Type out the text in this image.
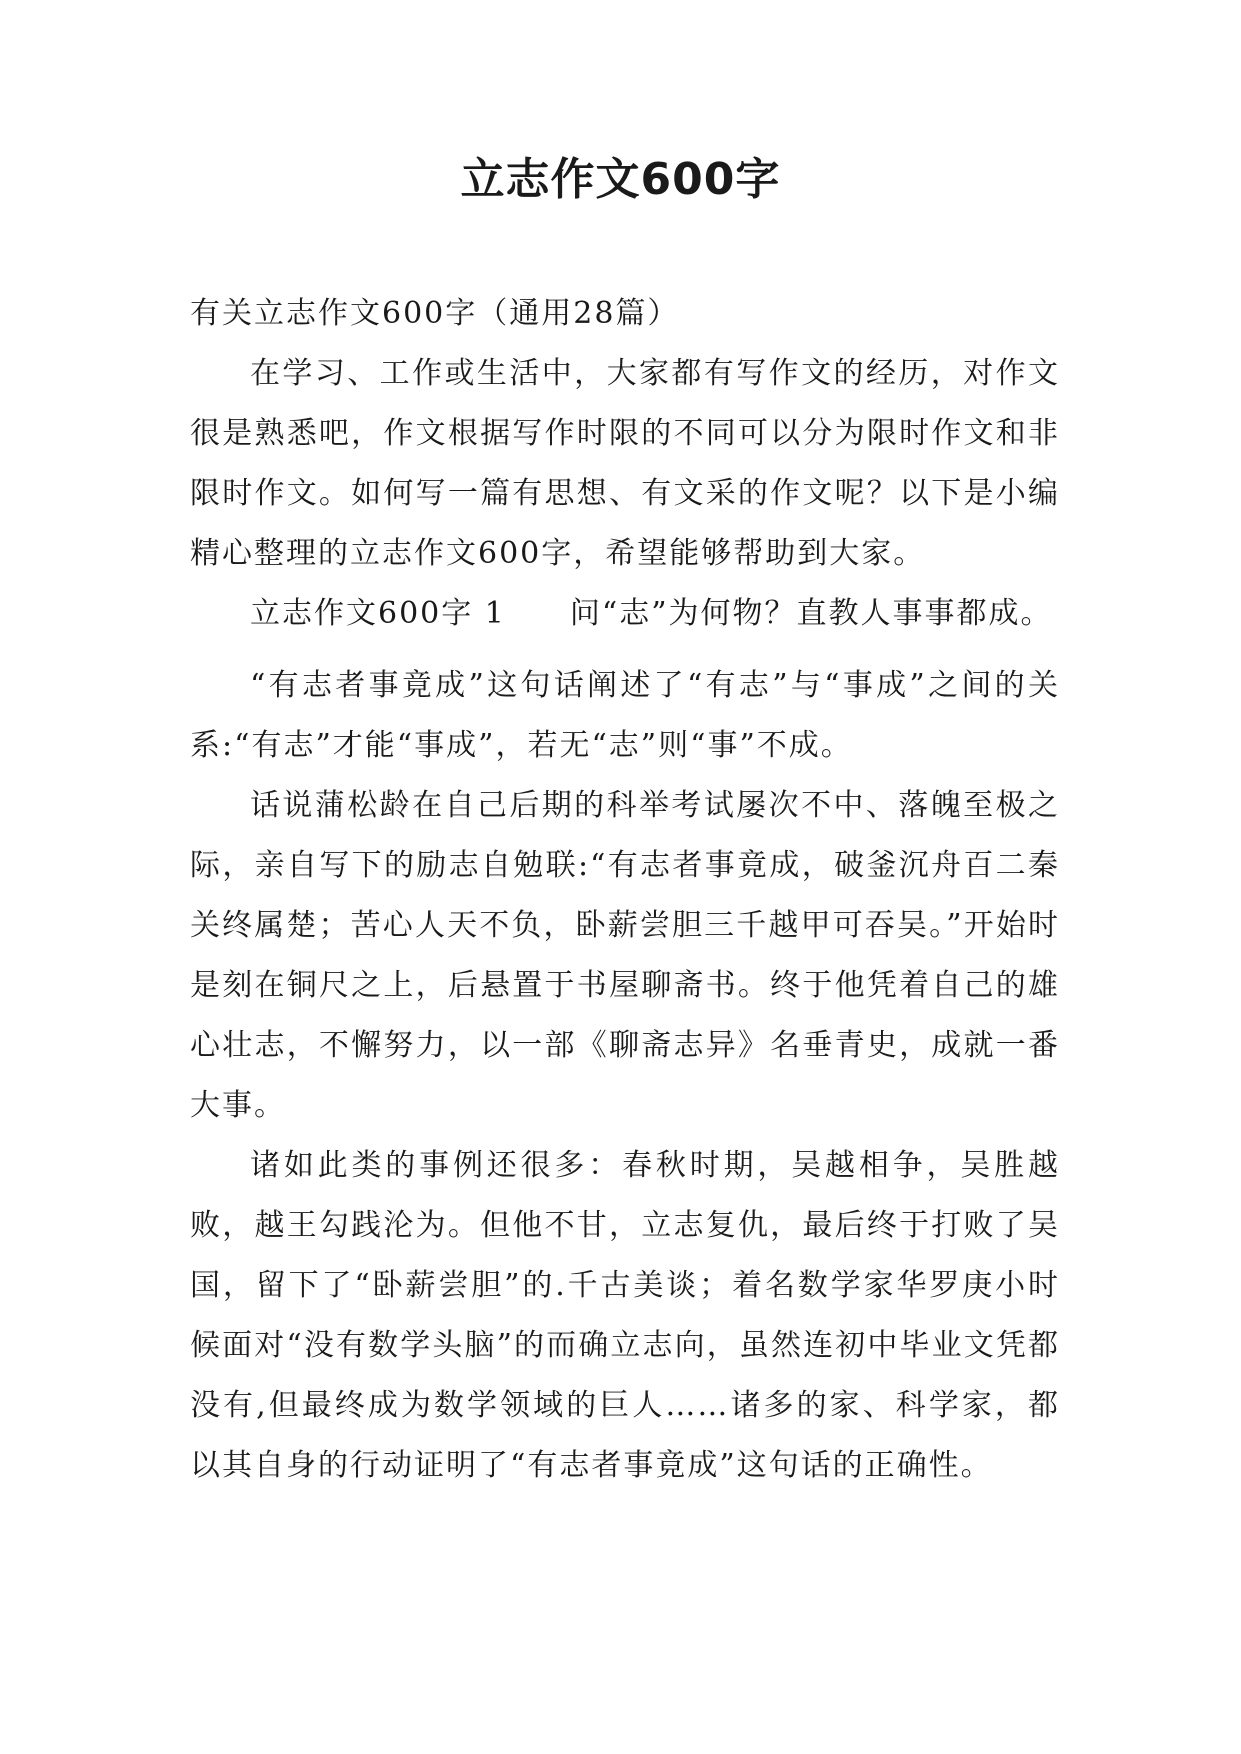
立志作文600字

有关立志作文600字（通用28篇）

在学习、工作或生活中，大家都有写作文的经历，对作文很是熟悉吧，作文根据写作时限的不同可以分为限时作文和非限时作文。如何写一篇有思想、有文采的作文呢？以下是小编精心整理的立志作文600字，希望能够帮助到大家。

立志作文600字 1　　问“志”为何物？直教人事事都成。

“有志者事竟成”这句话阐述了“有志”与“事成”之间的关系:“有志”才能“事成”，若无“志”则“事”不成。

话说蒲松龄在自己后期的科举考试屡次不中、落魄至极之际，亲自写下的励志自勉联:“有志者事竟成，破釜沉舟百二秦关终属楚；苦心人天不负，卧薪尝胆三千越甲可吞吴。”开始时是刻在铜尺之上，后悬置于书屋聊斋书。终于他凭着自己的雄心壮志，不懈努力，以一部《聊斋志异》名垂青史，成就一番大事。

诸如此类的事例还很多：春秋时期，吴越相争，吴胜越败，越王勾践沦为。但他不甘，立志复仇，最后终于打败了吴国，留下了“卧薪尝胆”的.千古美谈；着名数学家华罗庚小时候面对“没有数学头脑”的而确立志向，虽然连初中毕业文凭都没有,但最终成为数学领域的巨人……诸多的家、科学家，都以其自身的行动证明了“有志者事竟成”这句话的正确性。
